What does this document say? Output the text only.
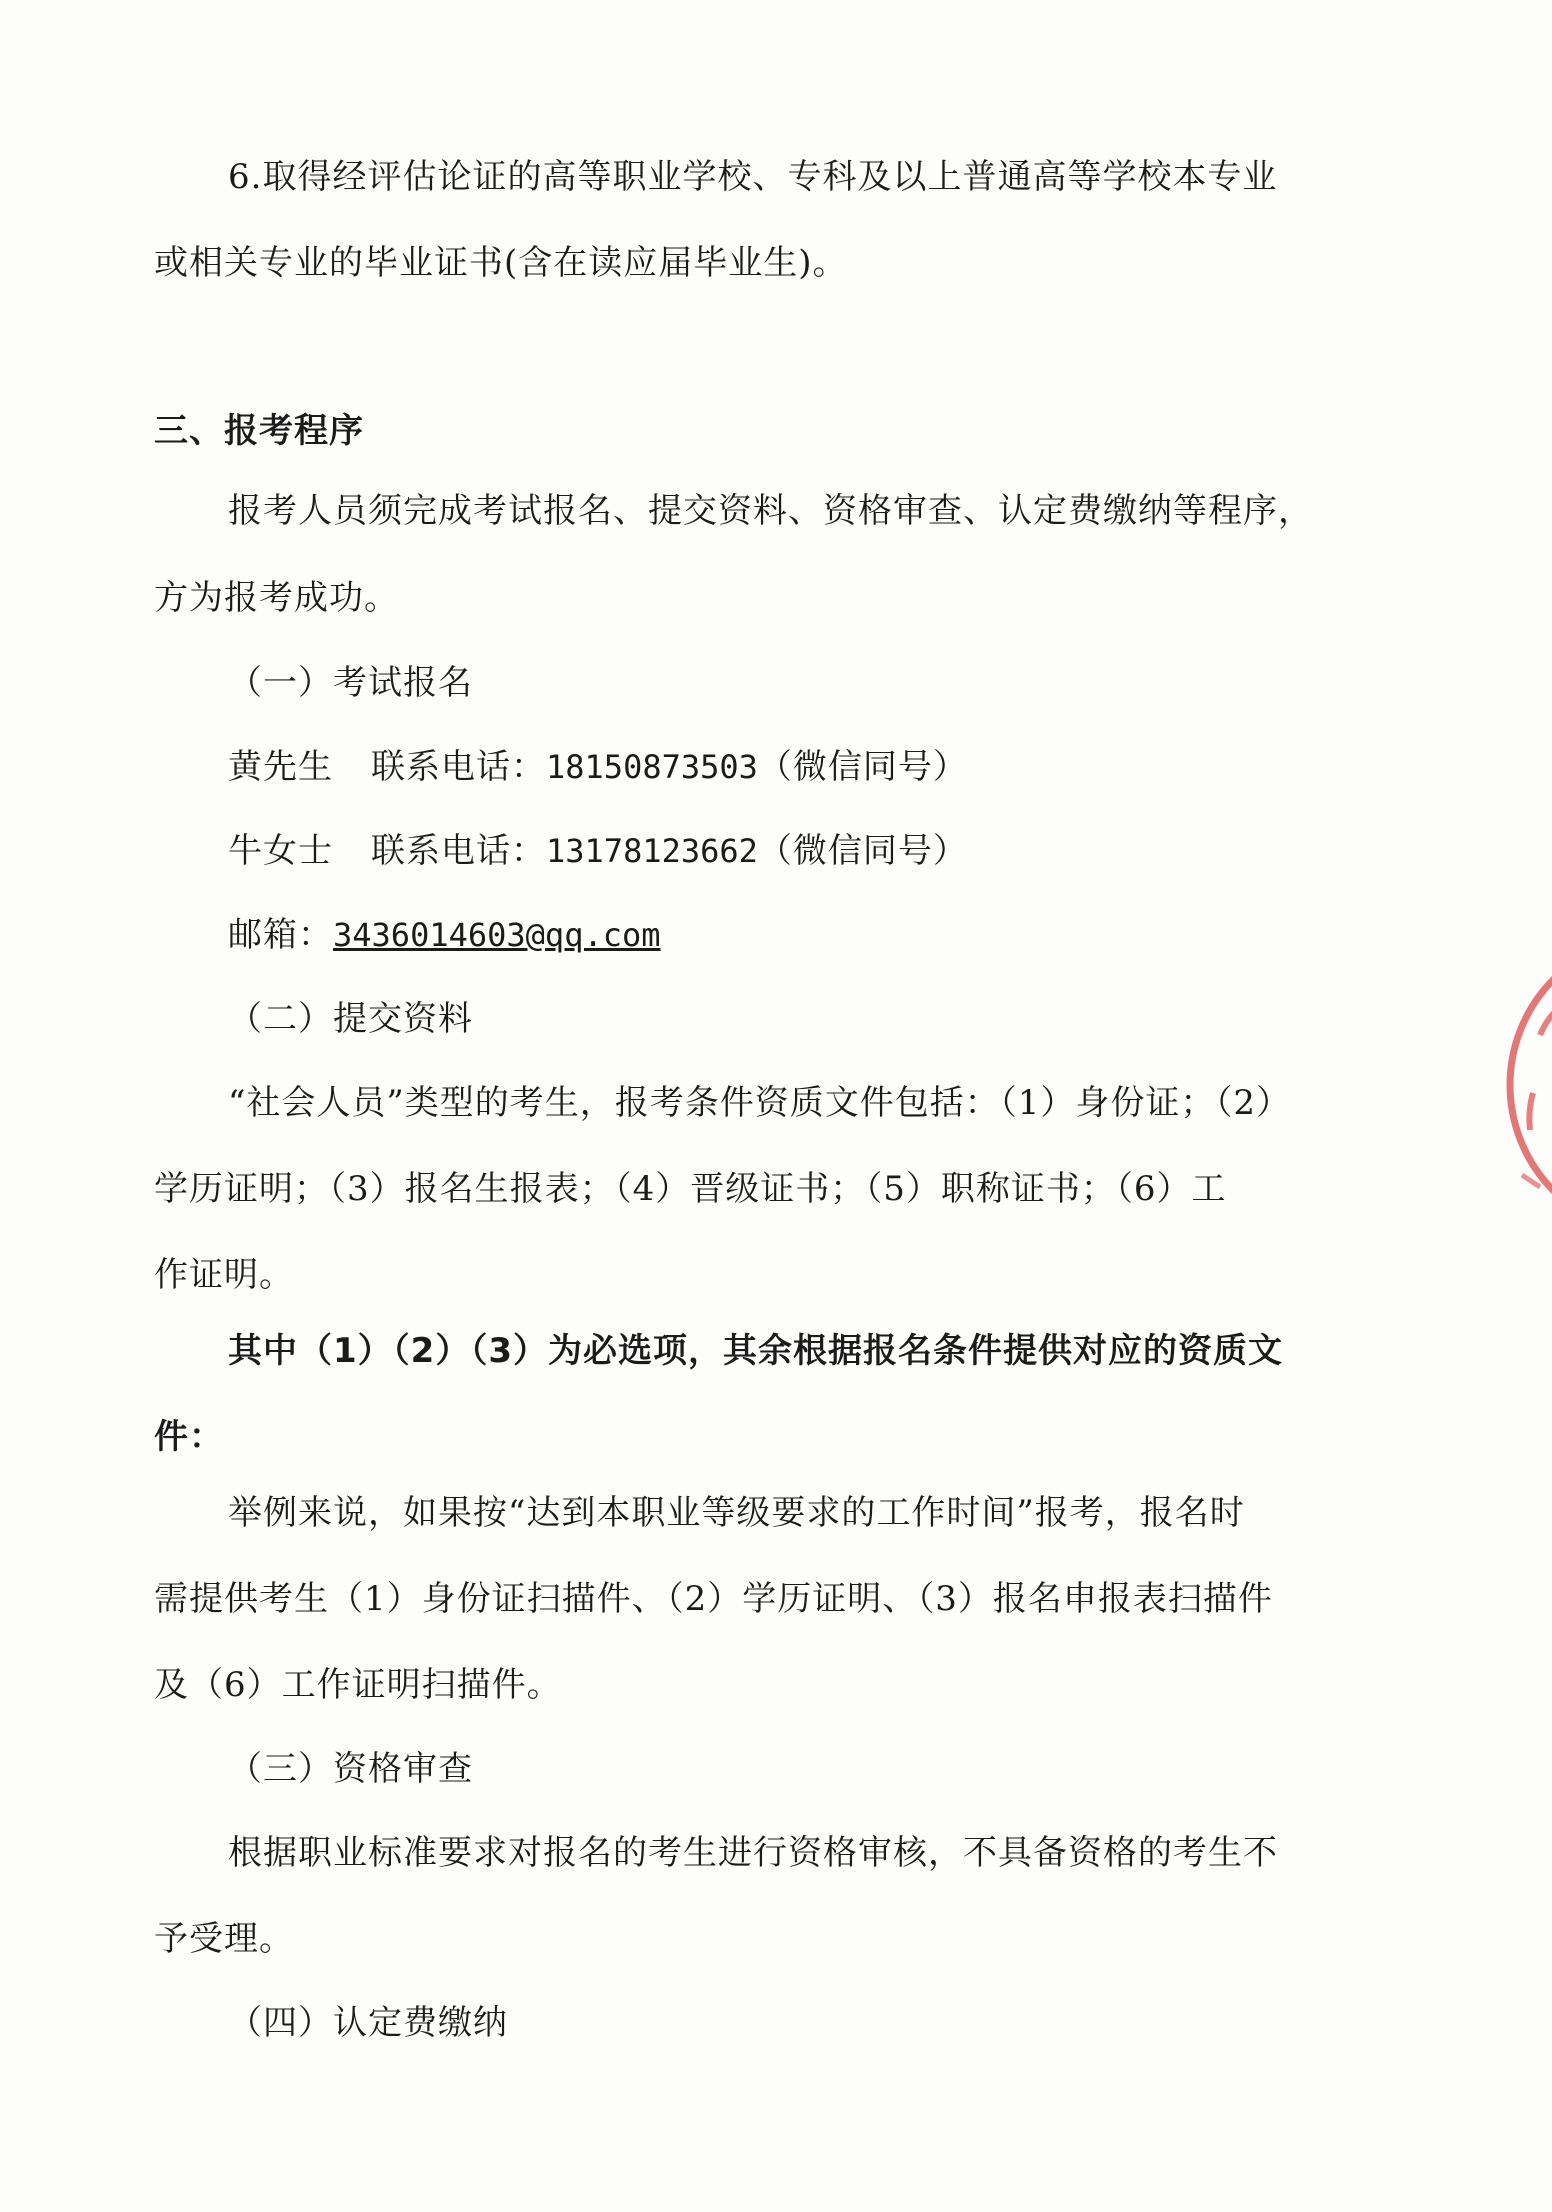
6.取得经评估论证的高等职业学校、专科及以上普通高等学校本专业
或相关专业的毕业证书(含在读应届毕业生)。
三、报考程序
报考人员须完成考试报名、提交资料、资格审查、认定费缴纳等程序，
方为报考成功。
（一）考试报名
黄先生 联系电话：18150873503（微信同号）
牛女士 联系电话：13178123662（微信同号）
邮箱：3436014603@qq.com
（二）提交资料
“社会人员”类型的考生，报考条件资质文件包括：（1）身份证；（2）
学历证明；（3）报名生报表；（4）晋级证书；（5）职称证书；（6）工
作证明。
其中（1）（2）（3）为必选项，其余根据报名条件提供对应的资质文
件：
举例来说，如果按“达到本职业等级要求的工作时间”报考，报名时
需提供考生（1）身份证扫描件、（2）学历证明、（3）报名申报表扫描件
及（6）工作证明扫描件。
（三）资格审查
根据职业标准要求对报名的考生进行资格审核，不具备资格的考生不
予受理。
（四）认定费缴纳
